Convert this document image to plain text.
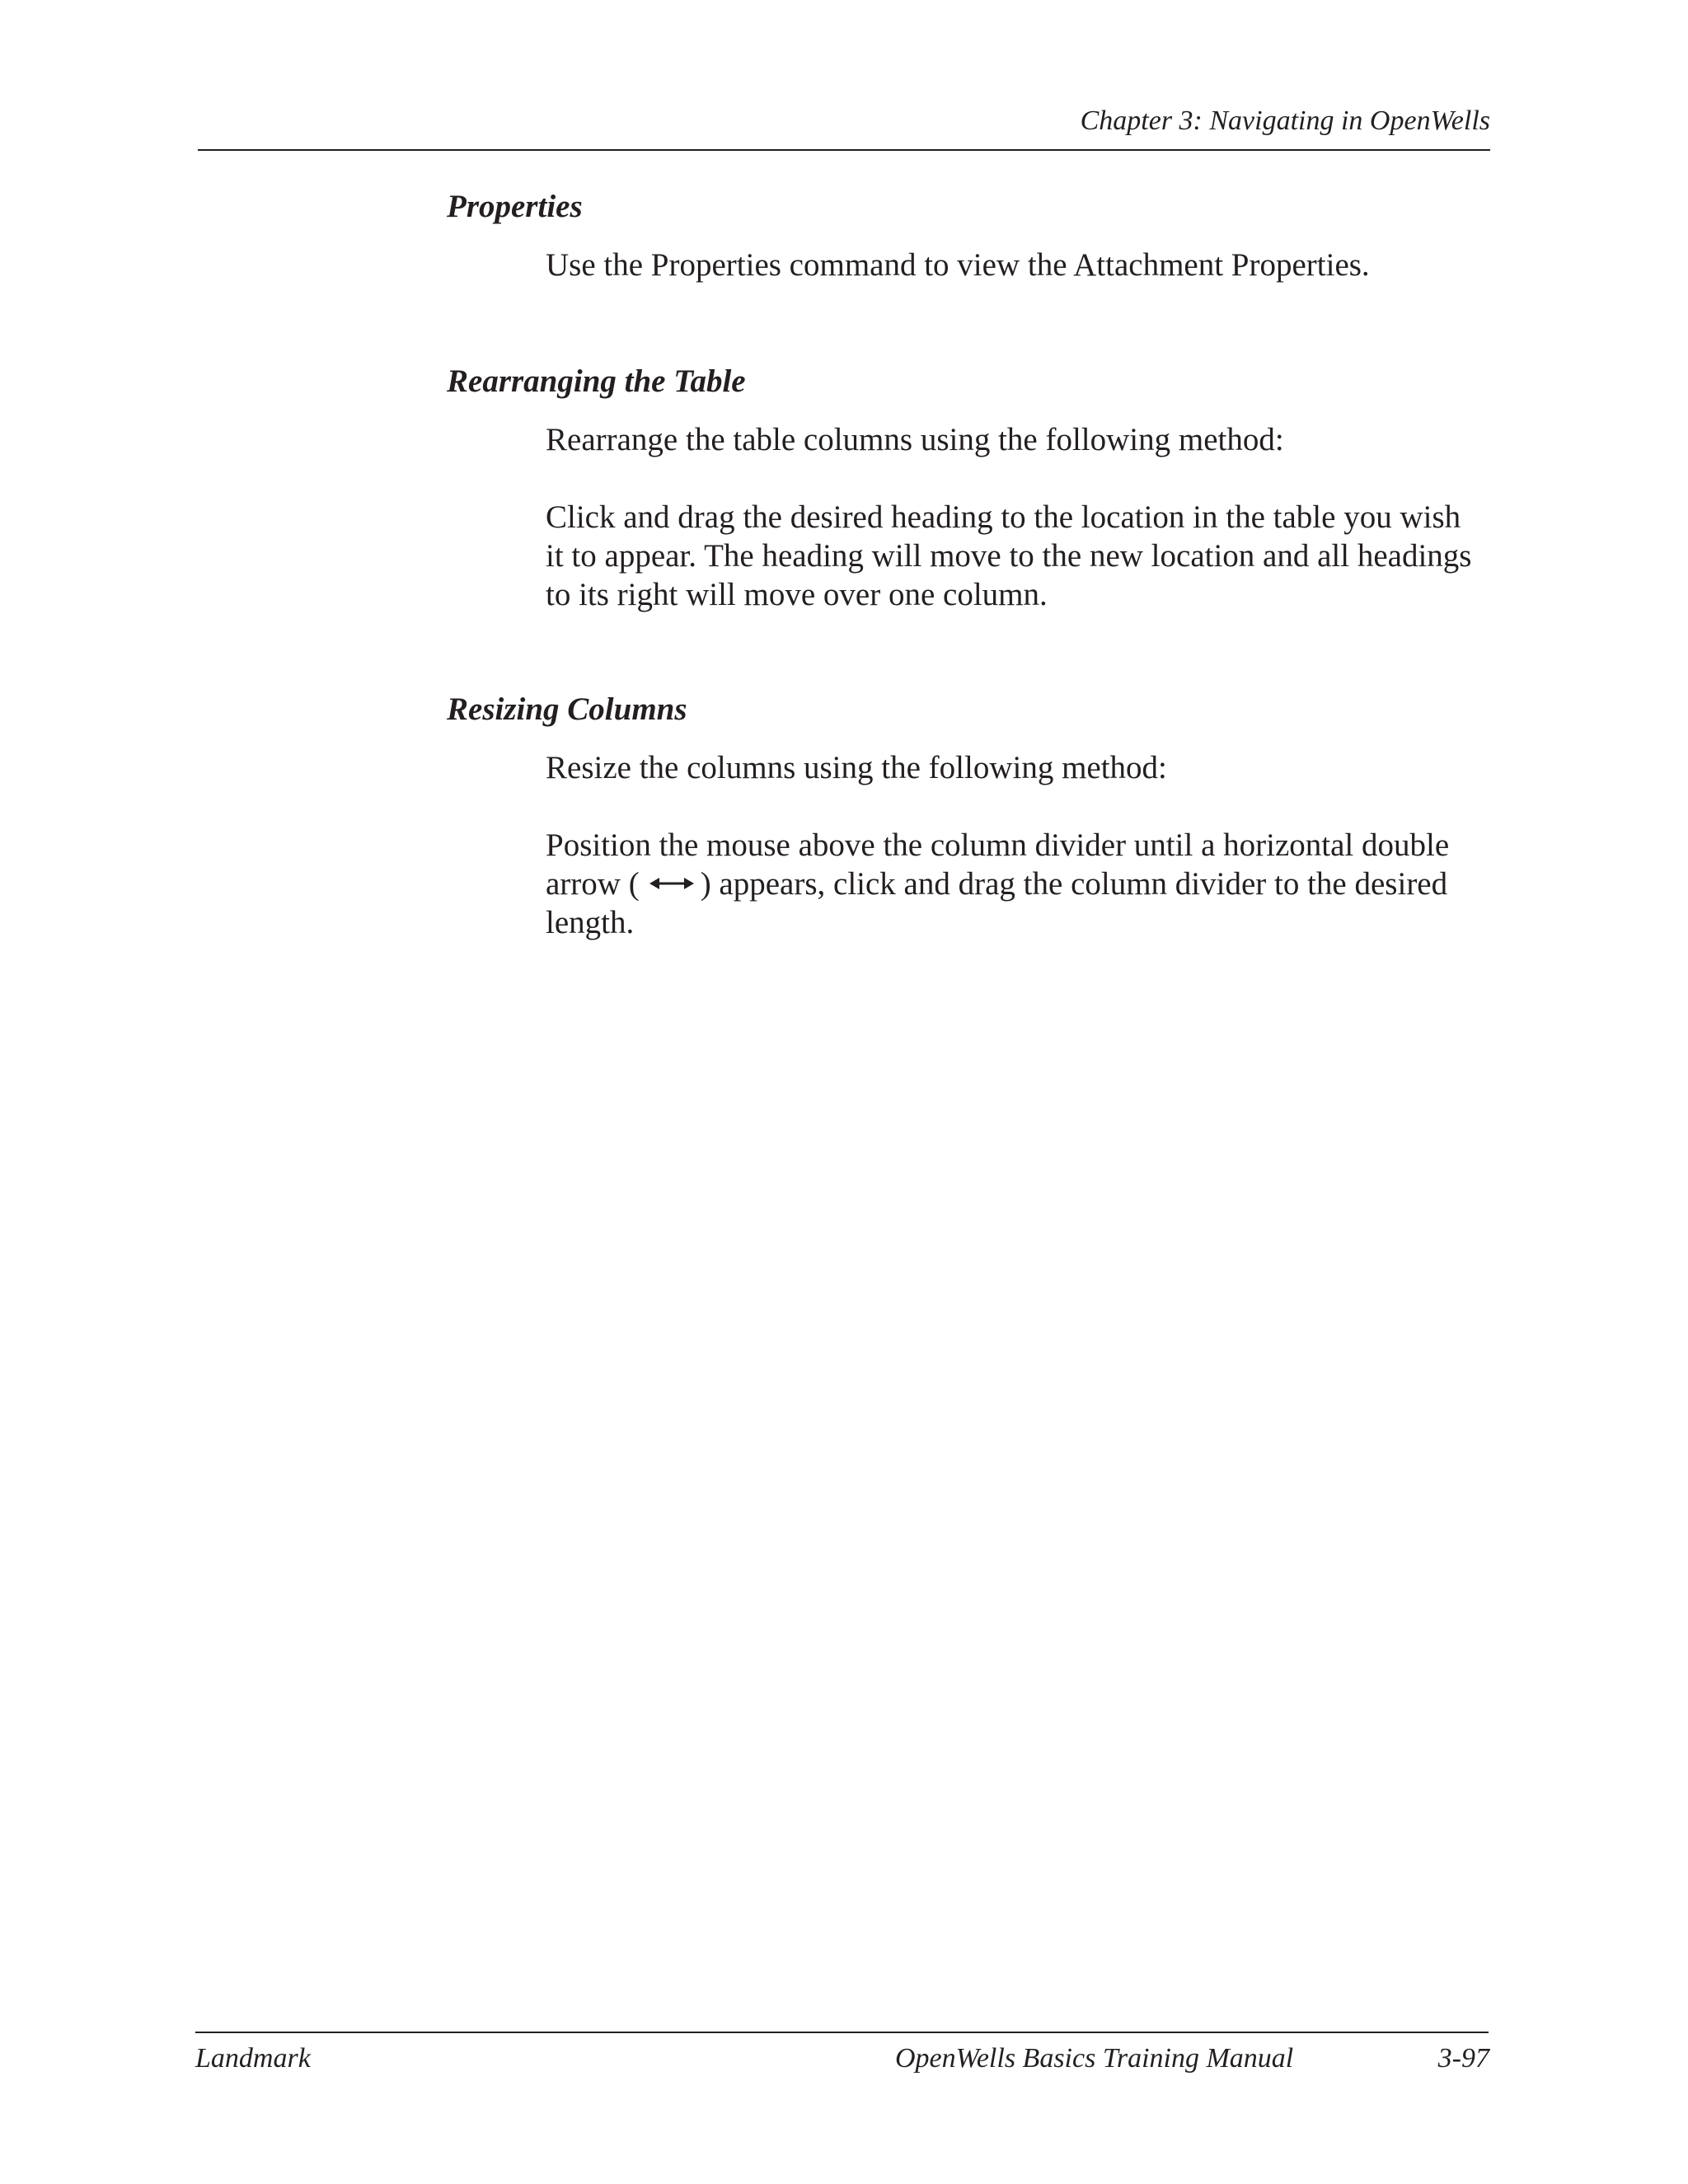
Chapter 3: Navigating in OpenWells
Properties
Use the Properties command to view the Attachment Properties.
Rearranging the Table
Rearrange the table columns using the following method:
Click and drag the desired heading to the location in the table you wish
it to appear. The heading will move to the new location and all headings
to its right will move over one column.
Resizing Columns
Resize the columns using the following method:
Position the mouse above the column divider until a horizontal double
arrow ( ) appears, click and drag the column divider to the desired
length.
Landmark	OpenWells Basics Training Manual	3-97
